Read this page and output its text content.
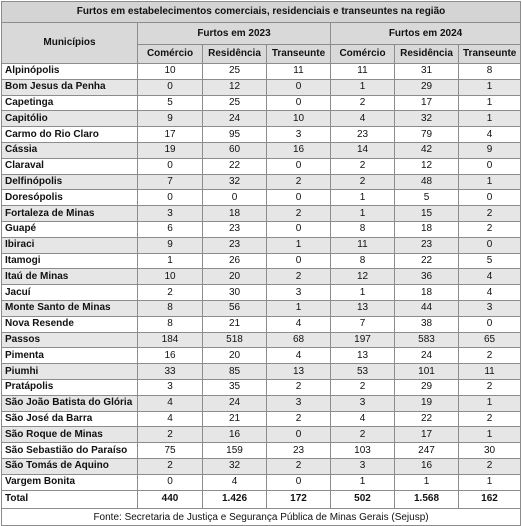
Furtos em estabelecimentos comerciais, residenciais e transeuntes na região						
Municípios	Furtos em 2023			Furtos em 2024		
	Comércio	Residência	Transeunte	Comércio	Residência	Transeunte
Alpinópolis	10	25	11	11	31	8
Bom Jesus da Penha	0	12	0	1	29	1
Capetinga	5	25	0	2	17	1
Capitólio	9	24	10	4	32	1
Carmo do Rio Claro	17	95	3	23	79	4
Cássia	19	60	16	14	42	9
Claraval	0	22	0	2	12	0
Delfinópolis	7	32	2	2	48	1
Doresópolis	0	0	0	1	5	0
Fortaleza de Minas	3	18	2	1	15	2
Guapé	6	23	0	8	18	2
Ibiraci	9	23	1	11	23	0
Itamogi	1	26	0	8	22	5
Itaú de Minas	10	20	2	12	36	4
Jacuí	2	30	3	1	18	4
Monte Santo de Minas	8	56	1	13	44	3
Nova Resende	8	21	4	7	38	0
Passos	184	518	68	197	583	65
Pimenta	16	20	4	13	24	2
Piumhi	33	85	13	53	101	11
Pratápolis	3	35	2	2	29	2
São João Batista do Glória	4	24	3	3	19	1
São José da Barra	4	21	2	4	22	2
São Roque de Minas	2	16	0	2	17	1
São Sebastião do Paraíso	75	159	23	103	247	30
São Tomás de Aquino	2	32	2	3	16	2
Vargem Bonita	0	4	0	1	1	1
Total	440	1.426	172	502	1.568	162
Fonte: Secretaria de Justiça e Segurança Pública de Minas Gerais (Sejusp)						
